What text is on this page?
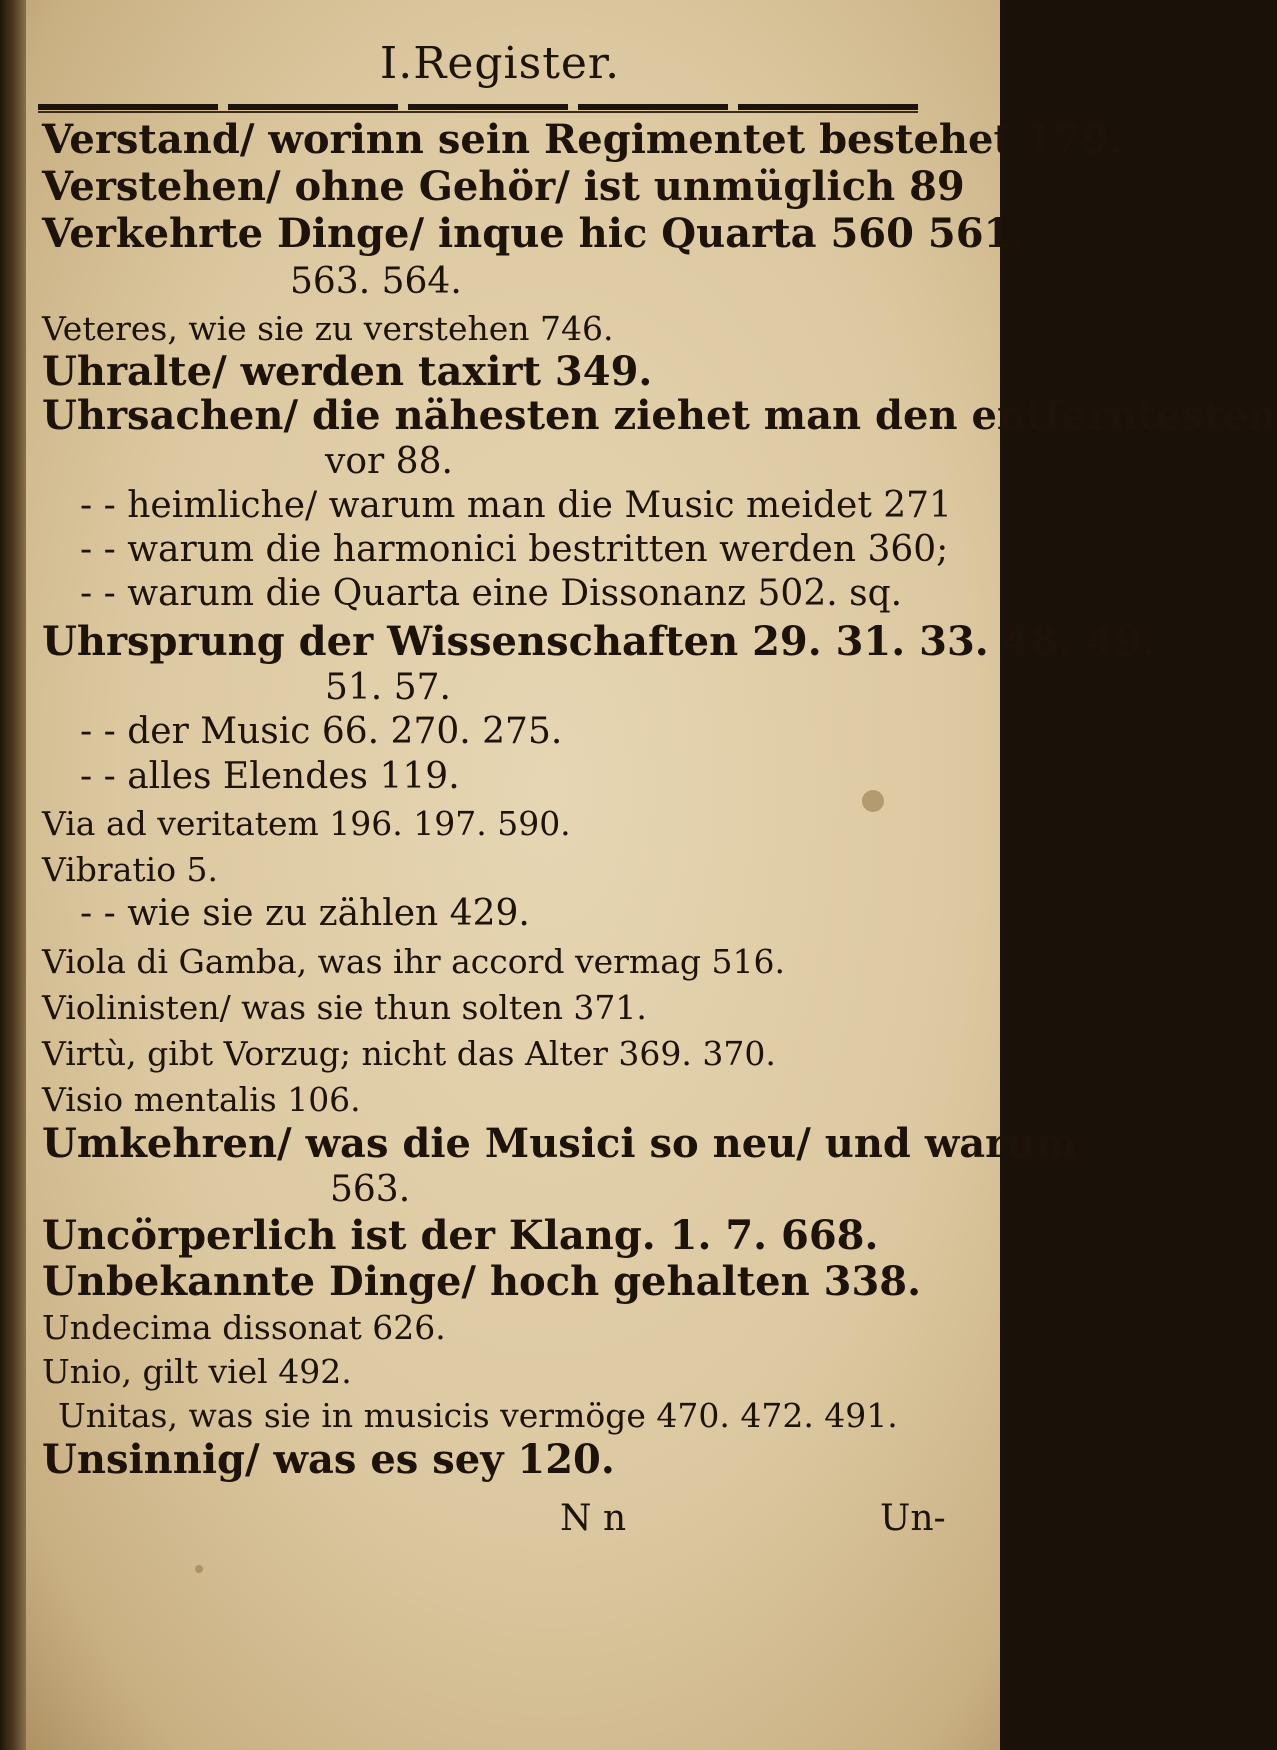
I.Register.
Verstand/ worinn sein Regimentet bestehet 179.
Verstehen/ ohne Gehör/ ist unmüglich 89
Verkehrte Dinge/ inque hic Quarta 560 561.
563. 564.
Veteres, wie sie zu verstehen 746.
Uhralte/ werden taxirt 349.
Uhrsachen/ die nähesten ziehet man den entferntesten
vor 88.
- - heimliche/ warum man die Music meidet 271
- - warum die harmonici bestritten werden 360;
- - warum die Quarta eine Dissonanz 502. sq.
Uhrsprung der Wissenschaften 29. 31. 33. 48. 49.
51. 57.
- - der Music 66. 270. 275.
- - alles Elendes 119.
Via ad veritatem 196. 197. 590.
Vibratio 5.
- - wie sie zu zählen 429.
Viola di Gamba, was ihr accord vermag 516.
Violinisten/ was sie thun solten 371.
Virtù, gibt Vorzug; nicht das Alter 369. 370.
Visio mentalis 106.
Umkehren/ was die Musici so neu/ und warum
563.
Uncörperlich ist der Klang. 1. 7. 668.
Unbekannte Dinge/ hoch gehalten 338.
Undecima dissonat 626.
Unio, gilt viel 492.
Unitas, was sie in musicis vermöge 470. 472. 491.
Unsinnig/ was es sey 120.
N n	Un-
